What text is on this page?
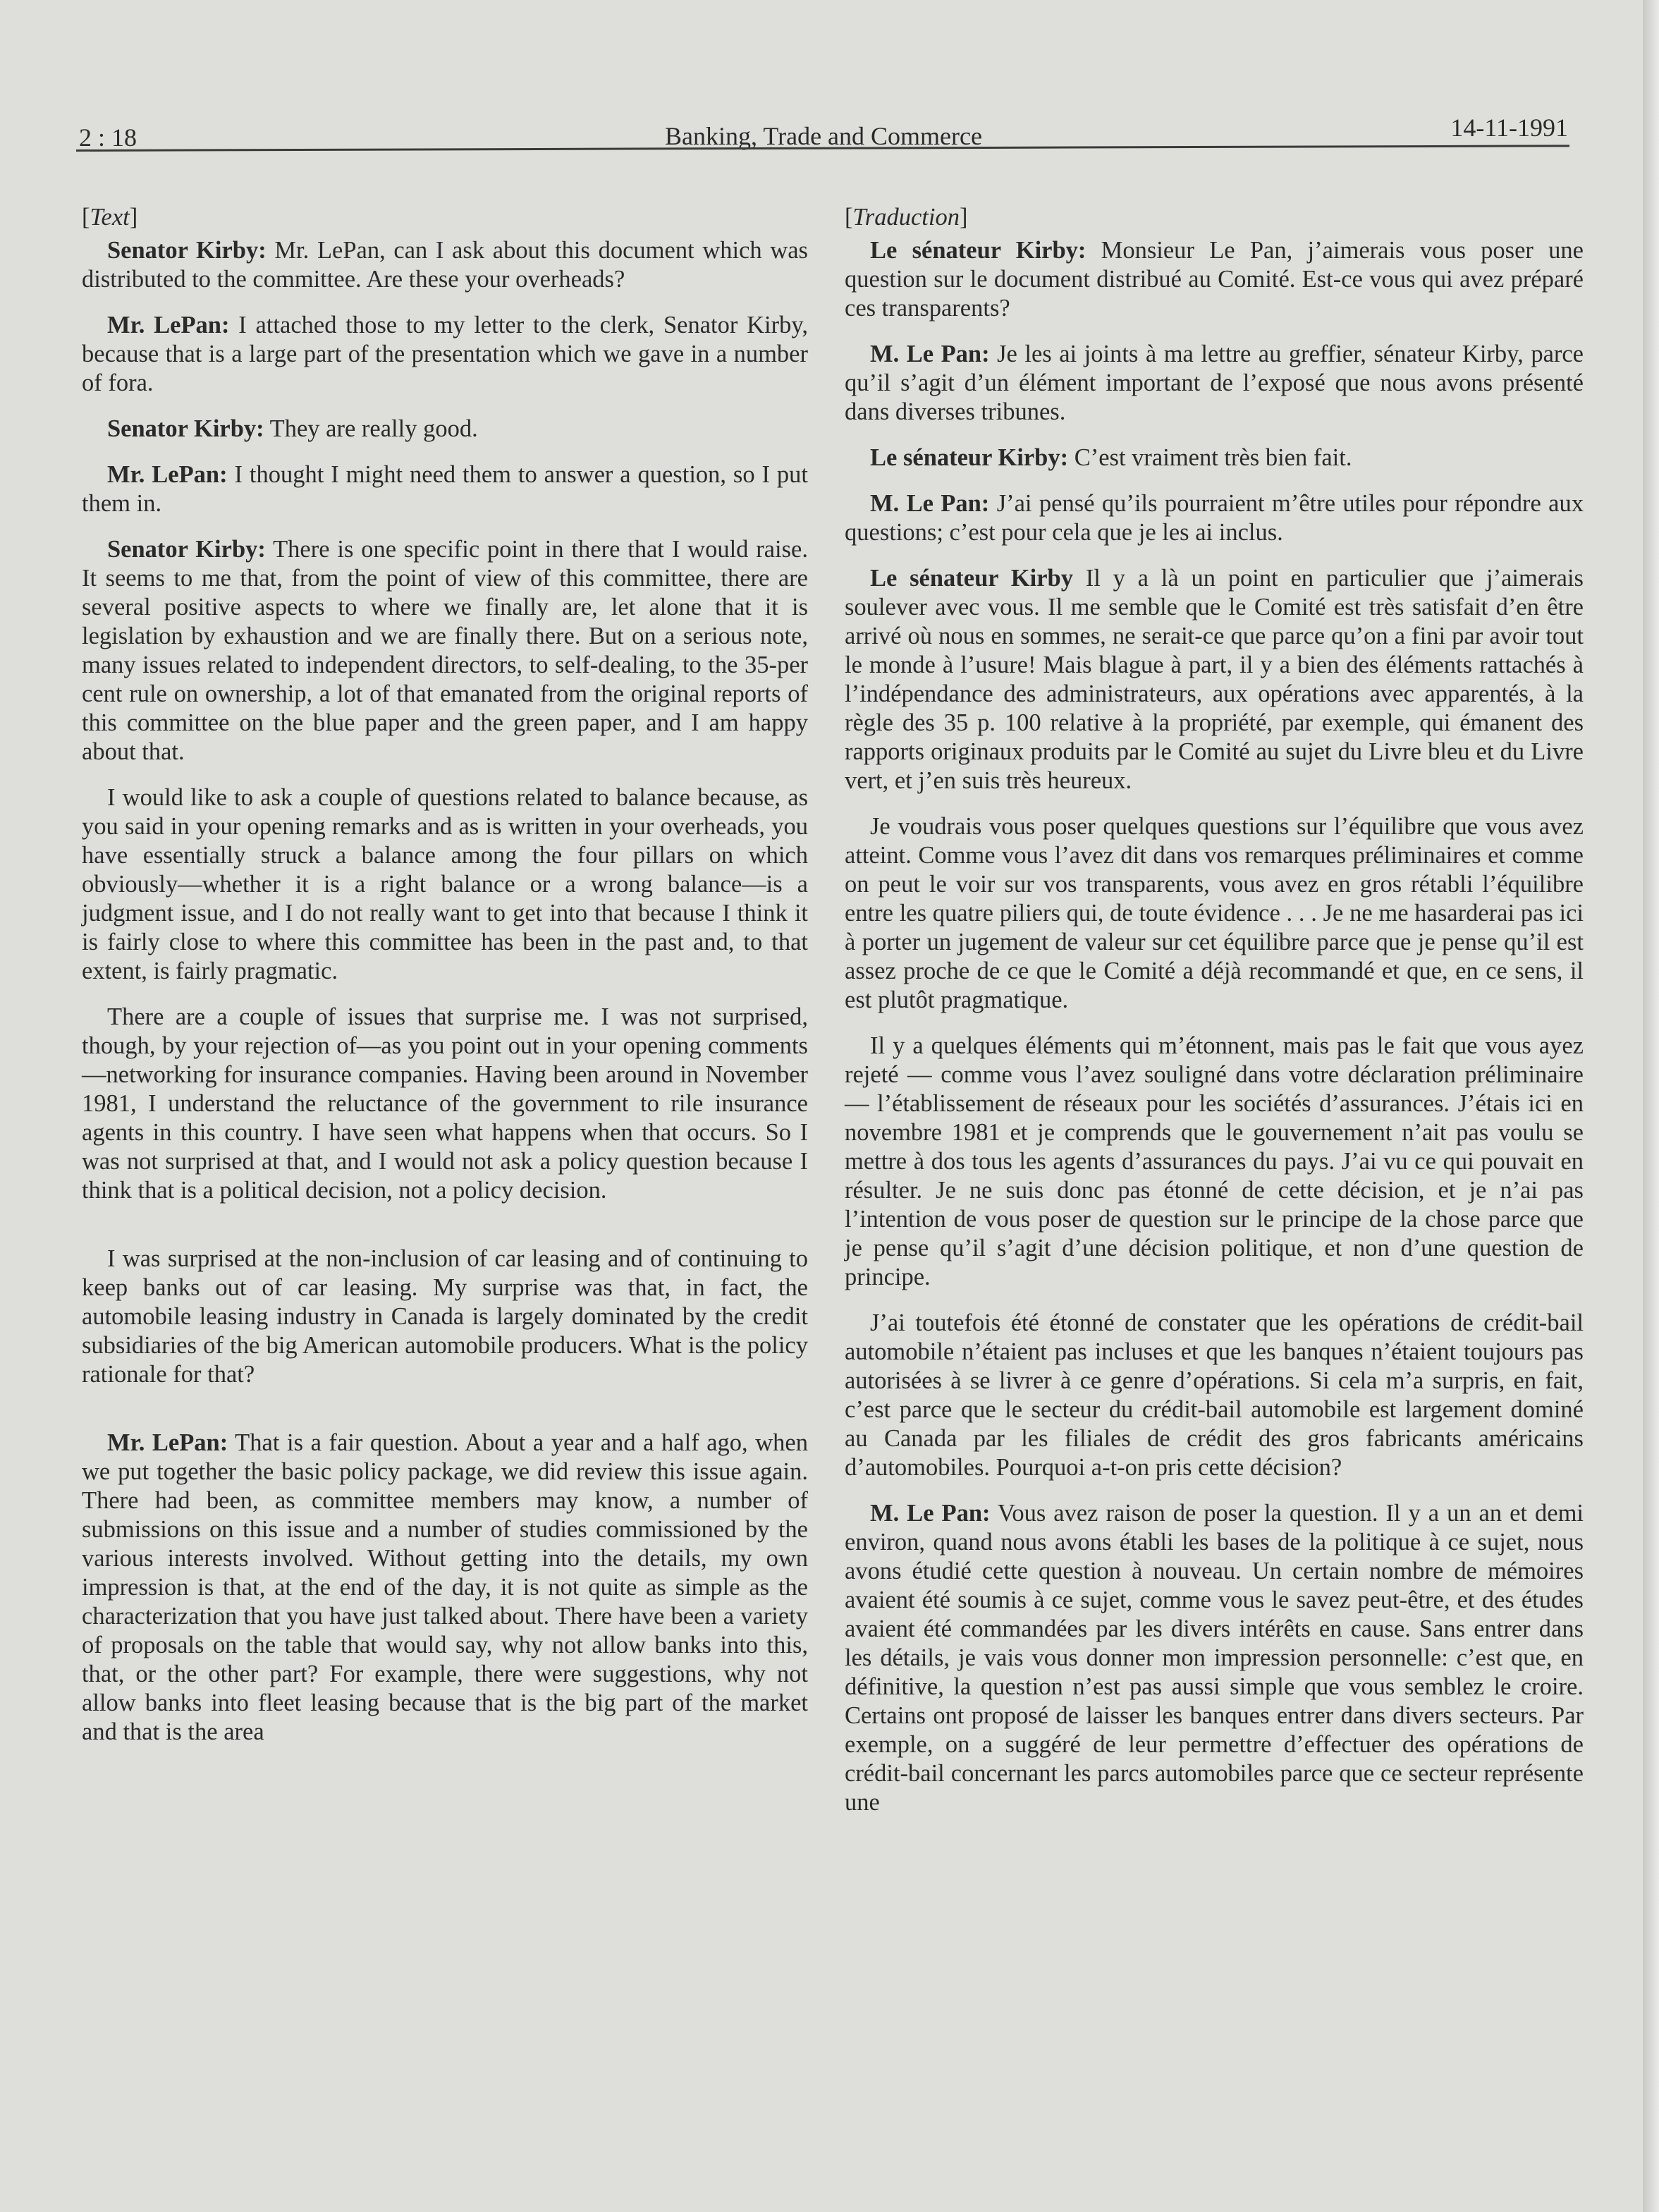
2 : 18	Banking, Trade and Commerce	14-11-1991

[Text]

Senator Kirby: Mr. LePan, can I ask about this document which was distributed to the committee. Are these your overheads?

Mr. LePan: I attached those to my letter to the clerk, Senator Kirby, because that is a large part of the presentation which we gave in a number of fora.

Senator Kirby: They are really good.

Mr. LePan: I thought I might need them to answer a question, so I put them in.

Senator Kirby: There is one specific point in there that I would raise. It seems to me that, from the point of view of this committee, there are several positive aspects to where we finally are, let alone that it is legislation by exhaustion and we are finally there. But on a serious note, many issues related to independent directors, to self-dealing, to the 35-per cent rule on ownership, a lot of that emanated from the original reports of this committee on the blue paper and the green paper, and I am happy about that.

I would like to ask a couple of questions related to balance because, as you said in your opening remarks and as is written in your overheads, you have essentially struck a balance among the four pillars on which obviously—whether it is a right balance or a wrong balance—is a judgment issue, and I do not really want to get into that because I think it is fairly close to where this committee has been in the past and, to that extent, is fairly pragmatic.

There are a couple of issues that surprise me. I was not surprised, though, by your rejection of—as you point out in your opening comments—networking for insurance companies. Having been around in November 1981, I understand the reluctance of the government to rile insurance agents in this country. I have seen what happens when that occurs. So I was not surprised at that, and I would not ask a policy question because I think that is a political decision, not a policy decision.

I was surprised at the non-inclusion of car leasing and of continuing to keep banks out of car leasing. My surprise was that, in fact, the automobile leasing industry in Canada is largely dominated by the credit subsidiaries of the big American automobile producers. What is the policy rationale for that?

Mr. LePan: That is a fair question. About a year and a half ago, when we put together the basic policy package, we did review this issue again. There had been, as committee members may know, a number of submissions on this issue and a number of studies commissioned by the various interests involved. Without getting into the details, my own impression is that, at the end of the day, it is not quite as simple as the characterization that you have just talked about. There have been a variety of proposals on the table that would say, why not allow banks into this, that, or the other part? For example, there were suggestions, why not allow banks into fleet leasing because that is the big part of the market and that is the area

[Traduction]

Le sénateur Kirby: Monsieur Le Pan, j’aimerais vous poser une question sur le document distribué au Comité. Est-ce vous qui avez préparé ces transparents?

M. Le Pan: Je les ai joints à ma lettre au greffier, sénateur Kirby, parce qu’il s’agit d’un élément important de l’exposé que nous avons présenté dans diverses tribunes.

Le sénateur Kirby: C’est vraiment très bien fait.

M. Le Pan: J’ai pensé qu’ils pourraient m’être utiles pour répondre aux questions; c’est pour cela que je les ai inclus.

Le sénateur Kirby Il y a là un point en particulier que j’aimerais soulever avec vous. Il me semble que le Comité est très satisfait d’en être arrivé où nous en sommes, ne serait-ce que parce qu’on a fini par avoir tout le monde à l’usure! Mais blague à part, il y a bien des éléments rattachés à l’indépendance des administrateurs, aux opérations avec apparentés, à la règle des 35 p. 100 relative à la propriété, par exemple, qui émanent des rapports originaux produits par le Comité au sujet du Livre bleu et du Livre vert, et j’en suis très heureux.

Je voudrais vous poser quelques questions sur l’équilibre que vous avez atteint. Comme vous l’avez dit dans vos remarques préliminaires et comme on peut le voir sur vos transparents, vous avez en gros rétabli l’équilibre entre les quatre piliers qui, de toute évidence . . . Je ne me hasarderai pas ici à porter un jugement de valeur sur cet équilibre parce que je pense qu’il est assez proche de ce que le Comité a déjà recommandé et que, en ce sens, il est plutôt pragmatique.

Il y a quelques éléments qui m’étonnent, mais pas le fait que vous ayez rejeté — comme vous l’avez souligné dans votre déclaration préliminaire — l’établissement de réseaux pour les sociétés d’assurances. J’étais ici en novembre 1981 et je comprends que le gouvernement n’ait pas voulu se mettre à dos tous les agents d’assurances du pays. J’ai vu ce qui pouvait en résulter. Je ne suis donc pas étonné de cette décision, et je n’ai pas l’intention de vous poser de question sur le principe de la chose parce que je pense qu’il s’agit d’une décision politique, et non d’une question de principe.

J’ai toutefois été étonné de constater que les opérations de crédit-bail automobile n’étaient pas incluses et que les banques n’étaient toujours pas autorisées à se livrer à ce genre d’opérations. Si cela m’a surpris, en fait, c’est parce que le secteur du crédit-bail automobile est largement dominé au Canada par les filiales de crédit des gros fabricants américains d’automobiles. Pourquoi a-t-on pris cette décision?

M. Le Pan: Vous avez raison de poser la question. Il y a un an et demi environ, quand nous avons établi les bases de la politique à ce sujet, nous avons étudié cette question à nouveau. Un certain nombre de mémoires avaient été soumis à ce sujet, comme vous le savez peut-être, et des études avaient été commandées par les divers intérêts en cause. Sans entrer dans les détails, je vais vous donner mon impression personnelle: c’est que, en définitive, la question n’est pas aussi simple que vous semblez le croire. Certains ont proposé de laisser les banques entrer dans divers secteurs. Par exemple, on a suggéré de leur permettre d’effectuer des opérations de crédit-bail concernant les parcs automobiles parce que ce secteur représente une
